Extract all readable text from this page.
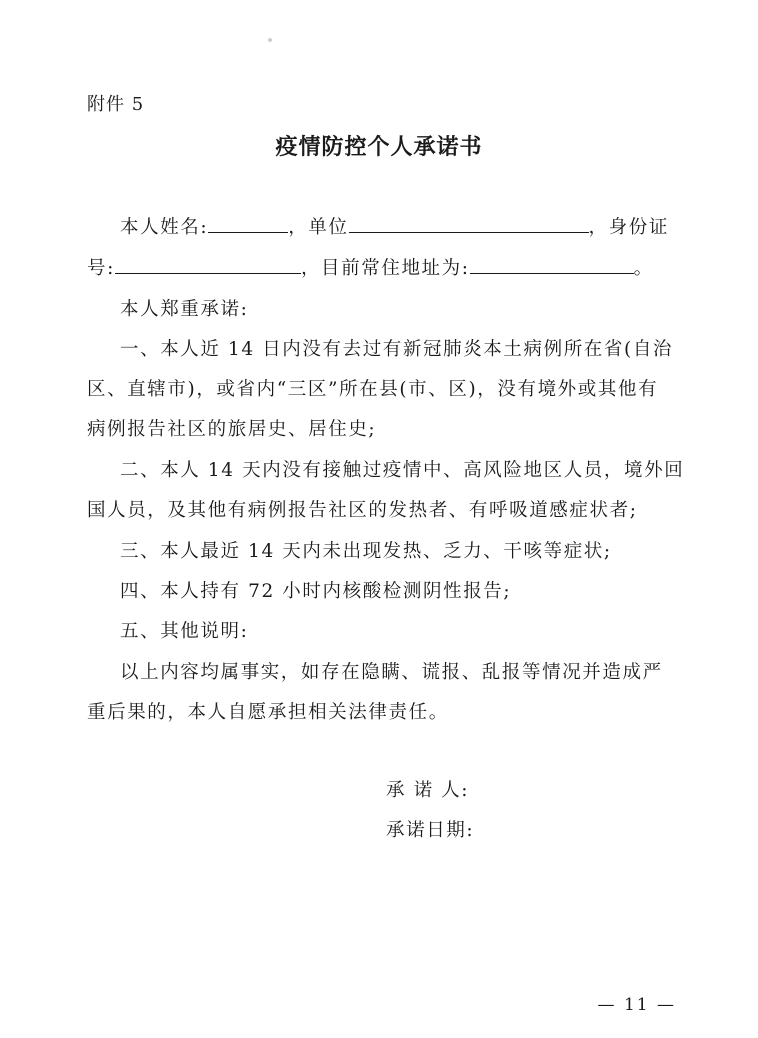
附件 5
疫情防控个人承诺书
本人姓名:	，单位	，身份证
号:	，目前常住地址为:	。
本人郑重承诺:
一、本人近 14 日内没有去过有新冠肺炎本土病例所在省(自治
区、直辖市)，或省内“三区”所在县(市、区)，没有境外或其他有
病例报告社区的旅居史、居住史;
二、本人 14 天内没有接触过疫情中、高风险地区人员，境外回
国人员，及其他有病例报告社区的发热者、有呼吸道感症状者;
三、本人最近 14 天内未出现发热、乏力、干咳等症状;
四、本人持有 72 小时内核酸检测阴性报告;
五、其他说明:
以上内容均属事实，如存在隐瞒、谎报、乱报等情况并造成严
重后果的，本人自愿承担相关法律责任。
承 诺 人:
承诺日期:
— 11 —
